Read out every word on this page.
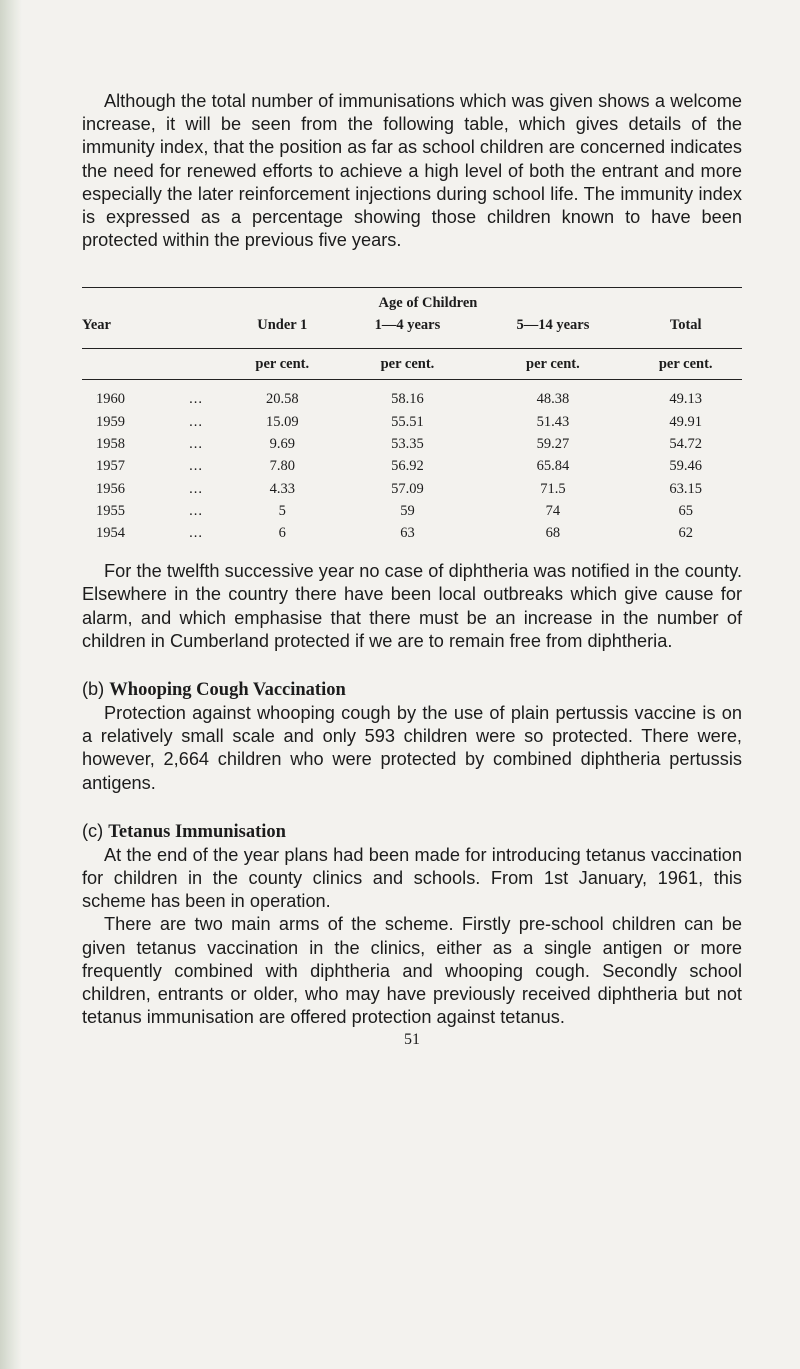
Although the total number of immunisations which was given shows a welcome increase, it will be seen from the following table, which gives details of the immunity index, that the position as far as school children are concerned indicates the need for renewed efforts to achieve a high level of both the entrant and more especially the later reinforcement injections during school life. The immunity index is expressed as a percentage showing those children known to have been protected within the previous five years.

			Age of Children		
Year		Under 1	1—4 years	5—14 years	Total
		per cent.	per cent.	per cent.	per cent.
1960	...	20.58	58.16	48.38	49.13
1959	...	15.09	55.51	51.43	49.91
1958	...	9.69	53.35	59.27	54.72
1957	...	7.80	56.92	65.84	59.46
1956	...	4.33	57.09	71.5	63.15
1955	...	5	59	74	65
1954	...	6	63	68	62

For the twelfth successive year no case of diphtheria was notified in the county. Elsewhere in the country there have been local outbreaks which give cause for alarm, and which emphasise that there must be an increase in the number of children in Cumberland protected if we are to remain free from diphtheria.

(b) Whooping Cough Vaccination

Protection against whooping cough by the use of plain pertussis vaccine is on a relatively small scale and only 593 children were so protected. There were, however, 2,664 children who were protected by combined diphtheria pertussis antigens.

(c) Tetanus Immunisation

At the end of the year plans had been made for introducing tetanus vaccination for children in the county clinics and schools. From 1st January, 1961, this scheme has been in operation.

There are two main arms of the scheme. Firstly pre-school children can be given tetanus vaccination in the clinics, either as a single antigen or more frequently combined with diphtheria and whooping cough. Secondly school children, entrants or older, who may have previously received diphtheria but not tetanus immunisation are offered protection against tetanus.

51
